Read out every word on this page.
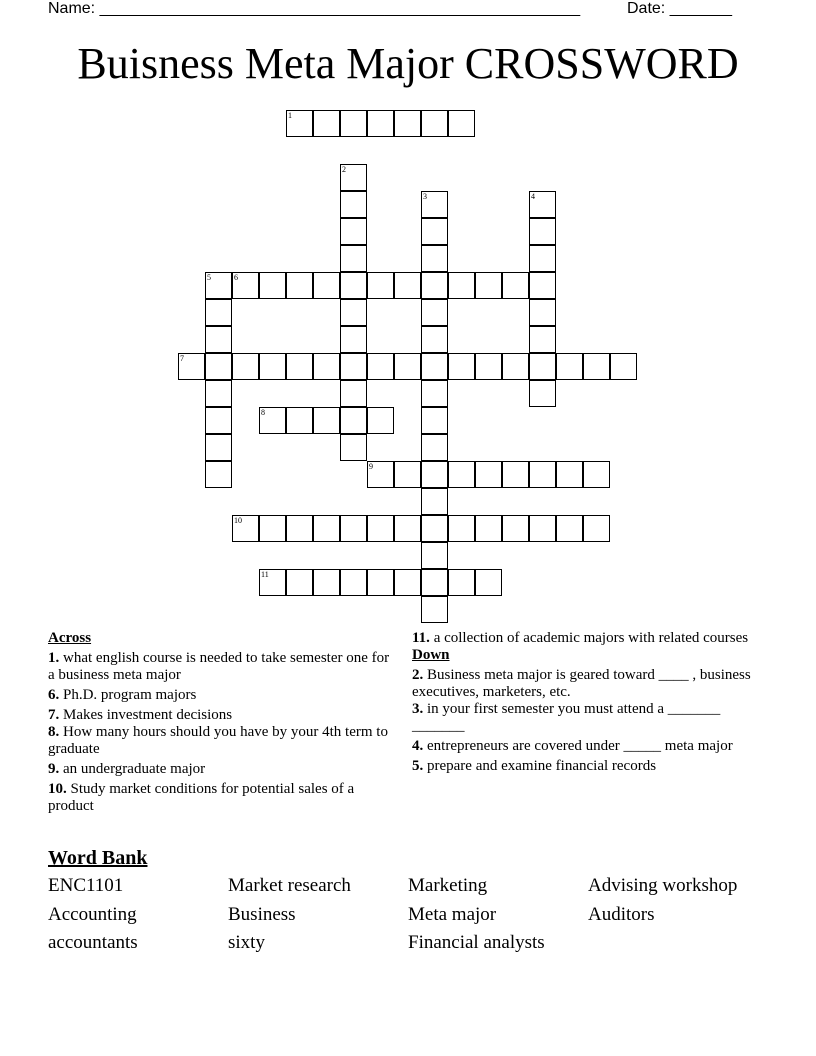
Name: ______________________________________________________	Date: _______
Buisness Meta Major CROSSWORD
1
2
3	4
5	6
7
8
9
10
11
Across
1. what english course is needed to take semester one for a business meta major
6. Ph.D. program majors
7. Makes investment decisions
8. How many hours should you have by your 4th term to graduate
9. an undergraduate major
10. Study market conditions for potential sales of a product
11. a collection of academic majors with related courses
Down
2. Business meta major is geared toward ____ , business executives, marketers, etc.
3. in your first semester you must attend a _______ _______
4. entrepreneurs are covered under _____ meta major
5. prepare and examine financial records
Word Bank
ENC1101	Market research	Marketing	Advising workshop
Accounting	Business	Meta major	Auditors
accountants	sixty	Financial analysts
